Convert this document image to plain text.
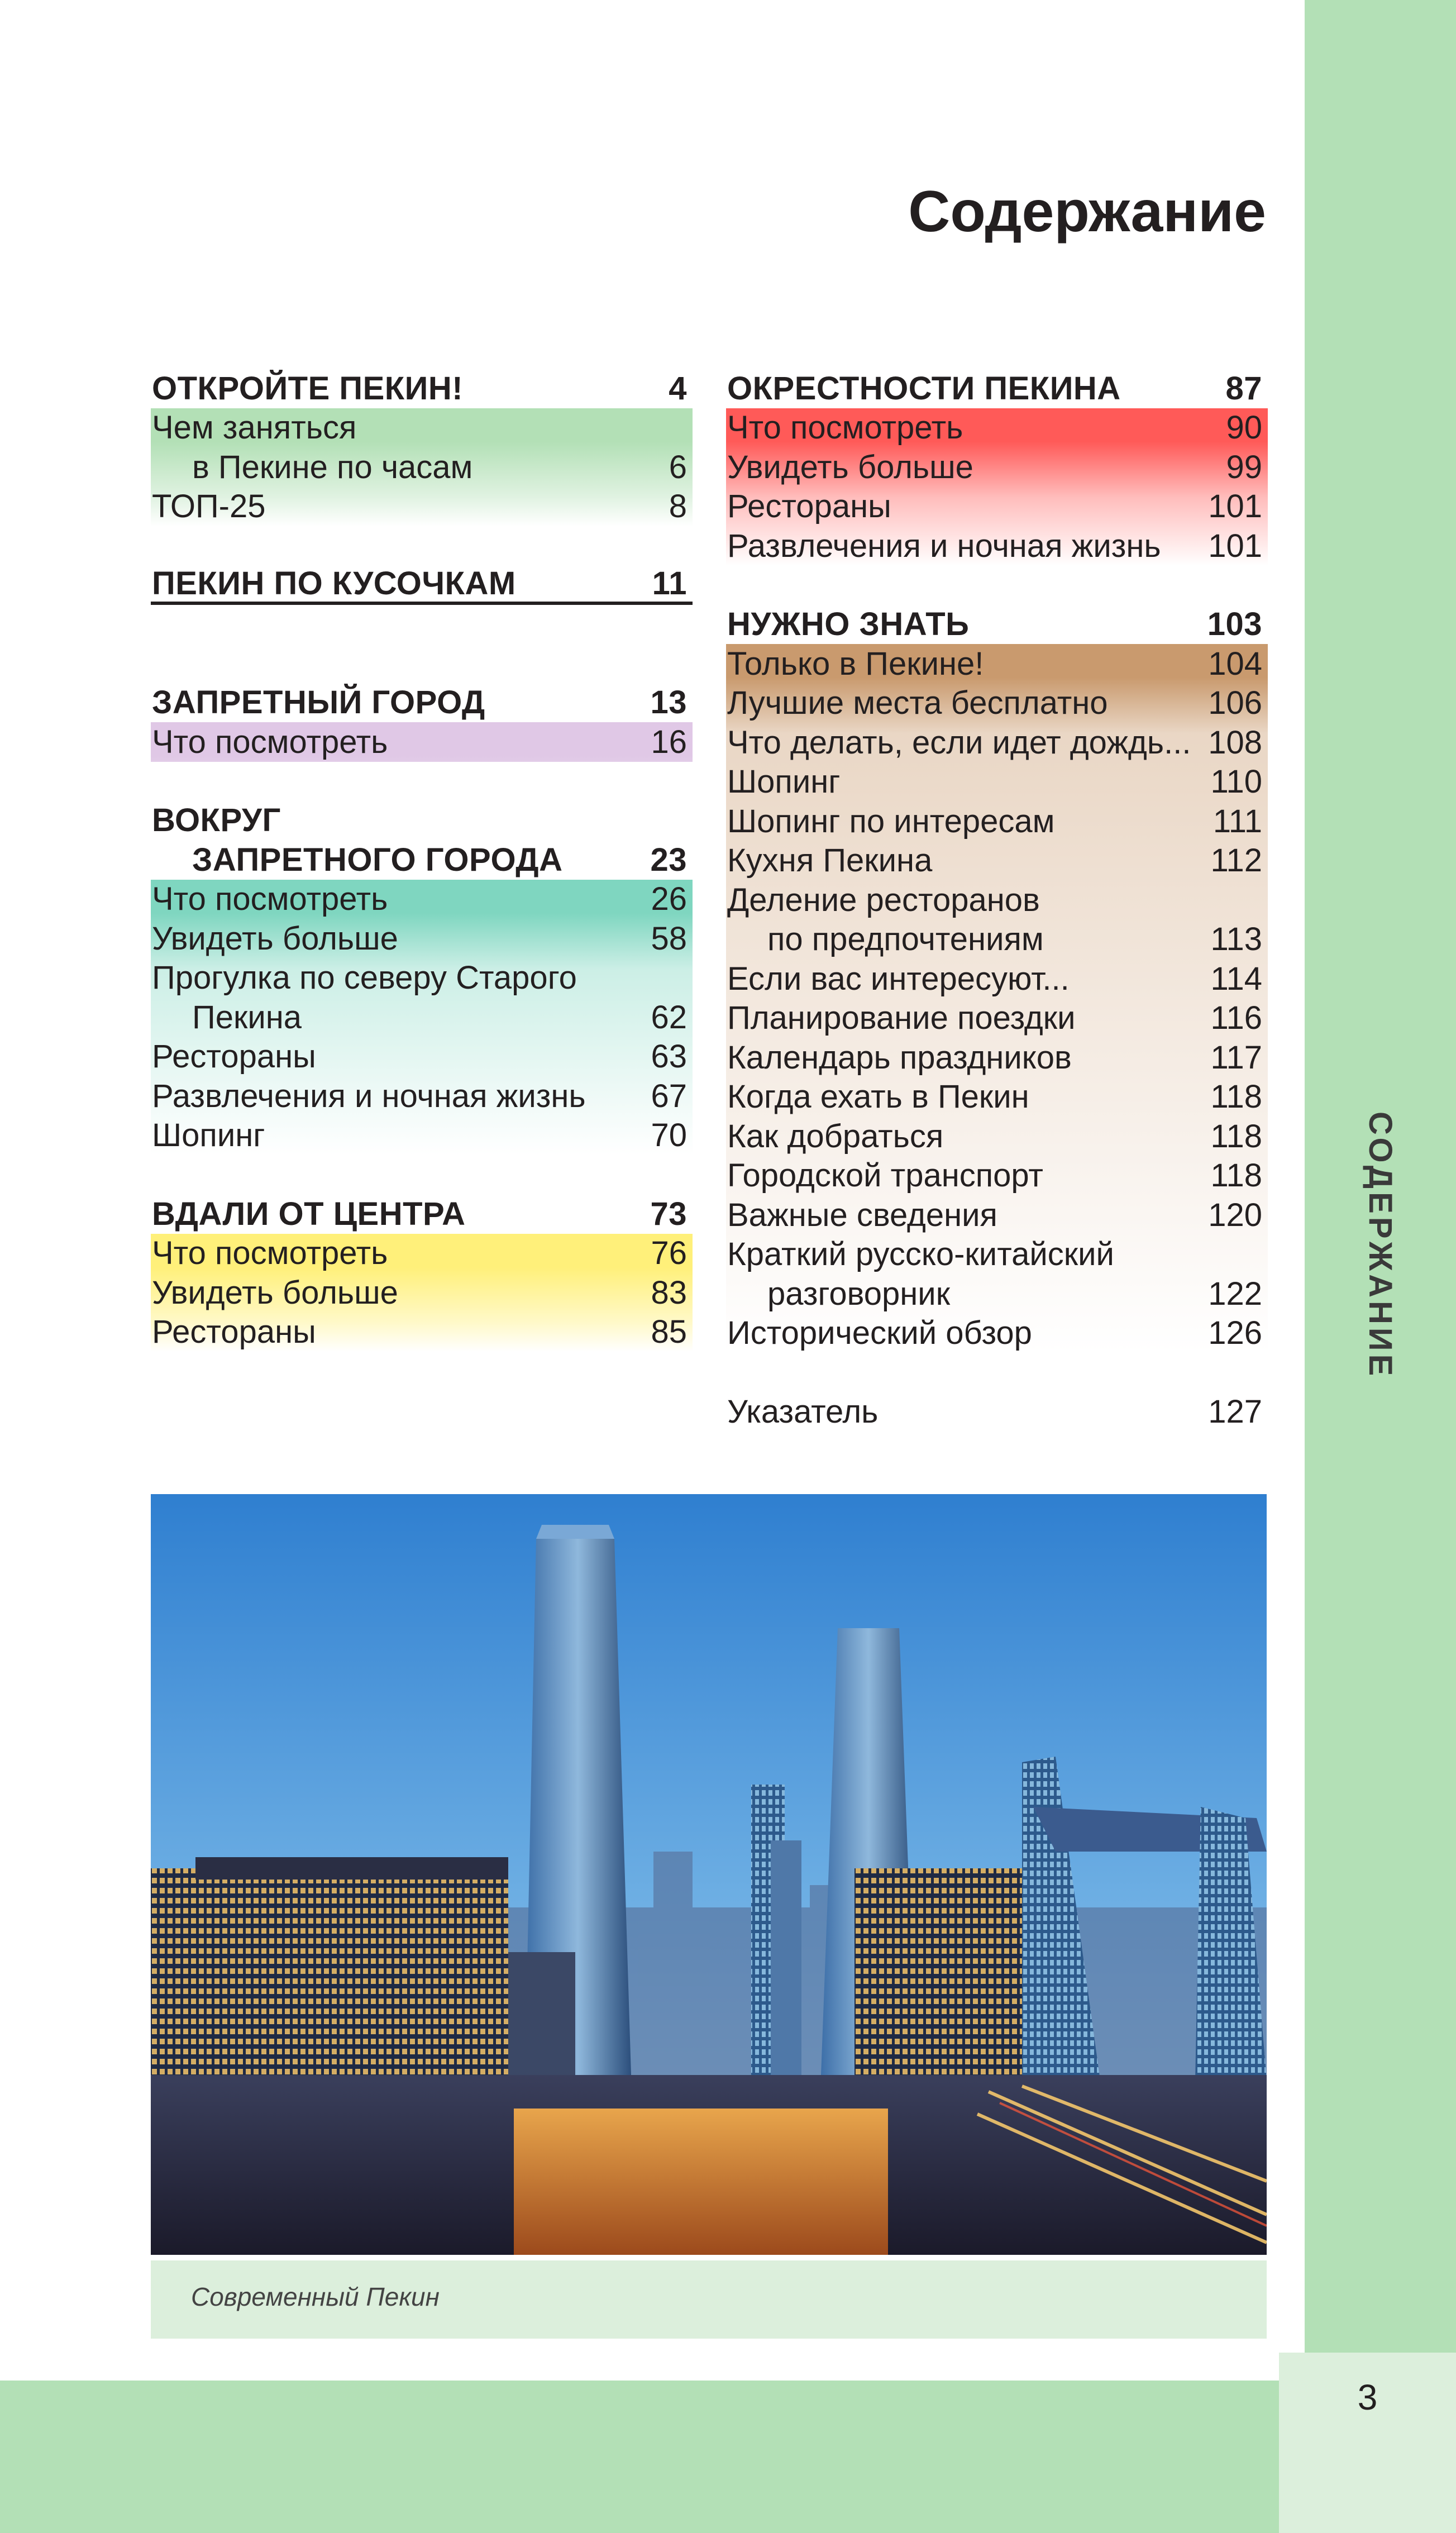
СОДЕРЖАНИЕ
3
Содержание
ОТКРОЙТЕ ПЕКИН!	4
Чем заняться
в Пекине по часам	6
ТОП-25	8
ПЕКИН ПО КУСОЧКАМ	11
ЗАПРЕТНЫЙ ГОРОД	13
Что посмотреть	16
ВОКРУГ
ЗАПРЕТНОГО ГОРОДА	23
Что посмотреть	26
Увидеть больше	58
Прогулка по северу Старого
Пекина	62
Рестораны	63
Развлечения и ночная жизнь 67
Шопинг	70
ВДАЛИ ОТ ЦЕНТРА	73
Что посмотреть	76
Увидеть больше	83
Рестораны	85
ОКРЕСТНОСТИ ПЕКИНА	87
Что посмотреть	90
Увидеть больше	99
Рестораны	101
Развлечения и ночная жизнь 101
НУЖНО ЗНАТЬ	103
Только в Пекине!	104
Лучшие места бесплатно	106
Что делать, если идет дождь... 108
Шопинг	110
Шопинг по интересам	111
Кухня Пекина	112
Деление ресторанов
по предпочтениям	113
Если вас интересуют...	114
Планирование поездки	116
Календарь праздников	117
Когда ехать в Пекин	118
Как добраться	118
Городской транспорт	118
Важные сведения	120
Краткий русско-китайский
разговорник	122
Исторический обзор	126
Указатель	127
Современный Пекин
